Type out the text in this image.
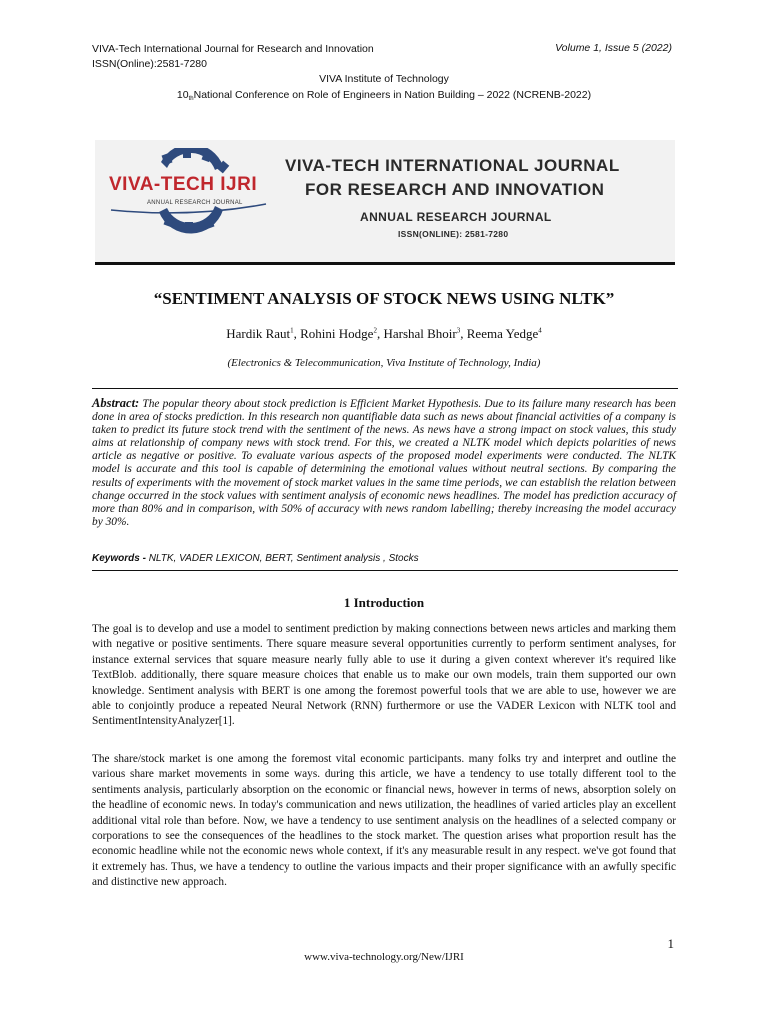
VIVA-Tech International Journal for Research and Innovation
ISSN(Online):2581-7280
Volume 1, Issue 5 (2022)
VIVA Institute of Technology
$10_{th}National$ Conference on Role of Engineers in Nation Building – 2022 (NCRENB-2022)
VIVA-TECH IJRI
ANNUAL RESEARCH JOURNAL
VIVA-TECH INTERNATIONAL JOURNAL
FOR RESEARCH AND INNOVATION
ANNUAL RESEARCH JOURNAL
ISSN(ONLINE): 2581-7280
“SENTIMENT ANALYSIS OF STOCK NEWS USING NLTK”
Hardik Raut$^1$, Rohini Hodge$^2$, Harshal Bhoir$^3$, Reema Yedge$^4$
(Electronics & Telecommunication, Viva Institute of Technology, India)
Abstract: The popular theory about stock prediction is Efficient Market Hypothesis. Due to its failure many research has been done in area of stocks prediction. In this research non quantifiable data such as news about financial activities of a company is taken to predict its future stock trend with the sentiment of the news. As news have a strong impact on stock values, this study aims at relationship of company news with stock trend. For this, we created a NLTK model which depicts polarities of news article as negative or positive. To evaluate various aspects of the proposed model experiments were conducted. The NLTK model is accurate and this tool is capable of determining the emotional values without neutral sections. By comparing the results of experiments with the movement of stock market values in the same time periods, we can establish the relation between change occurred in the stock values with sentiment analysis of economic news headlines. The model has prediction accuracy of more than 80% and in comparison, with 50% of accuracy with news random labelling; thereby increasing the model accuracy by 30%.
Keywords - NLTK, VADER LEXICON, BERT, Sentiment analysis , Stocks
1 Introduction
The goal is to develop and use a model to sentiment prediction by making connections between news articles and marking them with negative or positive sentiments. There square measure several opportunities currently to perform sentiment analyses, for instance external services that square measure nearly fully able to use it during a given context wherever it's required like TextBlob. additionally, there square measure choices that enable us to make our own models, train them supported our own knowledge. Sentiment analysis with BERT is one among the foremost powerful tools that we are able to use, however we are able to conjointly produce a repeated Neural Network (RNN) furthermore or use the VADER Lexicon with NLTK tool and SentimentIntensityAnalyzer[1].
The share/stock market is one among the foremost vital economic participants. many folks try and interpret and outline the various share market movements in some ways. during this article, we have a tendency to use totally different tool to the sentiments analysis, particularly absorption on the economic or financial news, however in terms of news, absorption solely on the headline of economic news. In today's communication and news utilization, the headlines of varied articles play an excellent additional vital role than before. Now, we have a tendency to use sentiment analysis on the headlines of a selected company or corporations to see the consequences of the headlines to the stock market. The question arises what proportion result has the economic headline while not the economic news whole context, if it's any measurable result in any respect. we've got found that it extremely has. Thus, we have a tendency to outline the various impacts and their proper significance with an awfully specific and distinctive new approach.
1
www.viva-technology.org/New/IJRI
